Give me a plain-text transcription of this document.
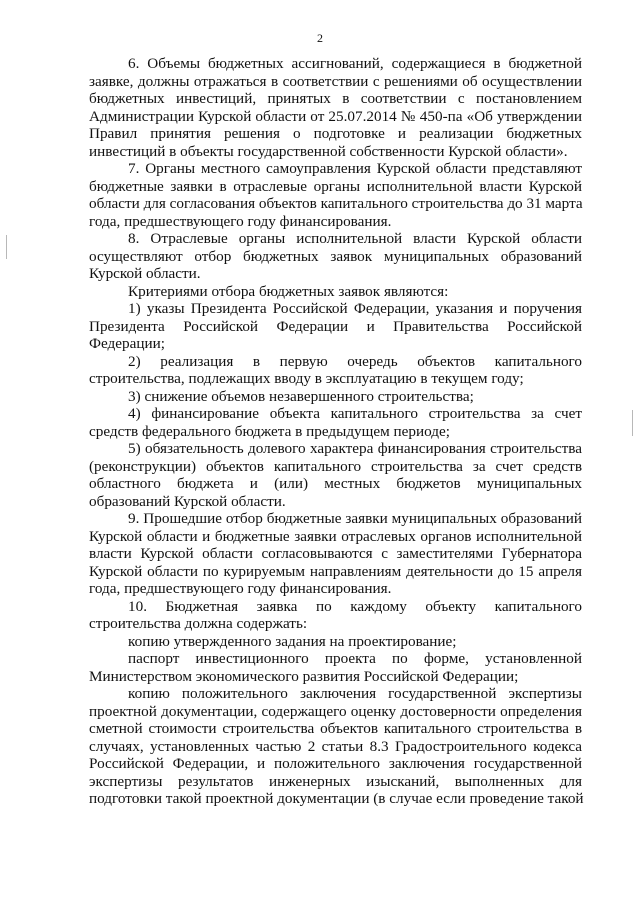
2
6. Объемы бюджетных ассигнований, содержащиеся в бюджетной
заявке, должны отражаться в соответствии с решениями об осуществлении
бюджетных инвестиций, принятых в соответствии с постановлением
Администрации Курской области от 25.07.2014 № 450-па «Об утверждении
Правил принятия решения о подготовке и реализации бюджетных
инвестиций в объекты государственной собственности Курской области».
7. Органы местного самоуправления Курской области представляют
бюджетные заявки в отраслевые органы исполнительной власти Курской
области для согласования объектов капитального строительства до 31 марта
года, предшествующего году финансирования.
8. Отраслевые органы исполнительной власти Курской области
осуществляют отбор бюджетных заявок муниципальных образований
Курской области.
Критериями отбора бюджетных заявок являются:
1) указы Президента Российской Федерации, указания и поручения
Президента Российской Федерации и Правительства Российской
Федерации;
2) реализация в первую очередь объектов капитального
строительства, подлежащих вводу в эксплуатацию в текущем году;
3) снижение объемов незавершенного строительства;
4) финансирование объекта капитального строительства за счет
средств федерального бюджета в предыдущем периоде;
5) обязательность долевого характера финансирования строительства
(реконструкции) объектов капитального строительства за счет средств
областного бюджета и (или) местных бюджетов муниципальных
образований Курской области.
9. Прошедшие отбор бюджетные заявки муниципальных образований
Курской области и бюджетные заявки отраслевых органов исполнительной
власти Курской области согласовываются с заместителями Губернатора
Курской области по курируемым направлениям деятельности до 15 апреля
года, предшествующего году финансирования.
10. Бюджетная заявка по каждому объекту капитального
строительства должна содержать:
копию утвержденного задания на проектирование;
паспорт инвестиционного проекта по форме, установленной
Министерством экономического развития Российской Федерации;
копию положительного заключения государственной экспертизы
проектной документации, содержащего оценку достоверности определения
сметной стоимости строительства объектов капитального строительства в
случаях, установленных частью 2 статьи 8.3 Градостроительного кодекса
Российской Федерации, и положительного заключения государственной
экспертизы результатов инженерных изысканий, выполненных для
подготовки такой проектной документации (в случае если проведение такой
